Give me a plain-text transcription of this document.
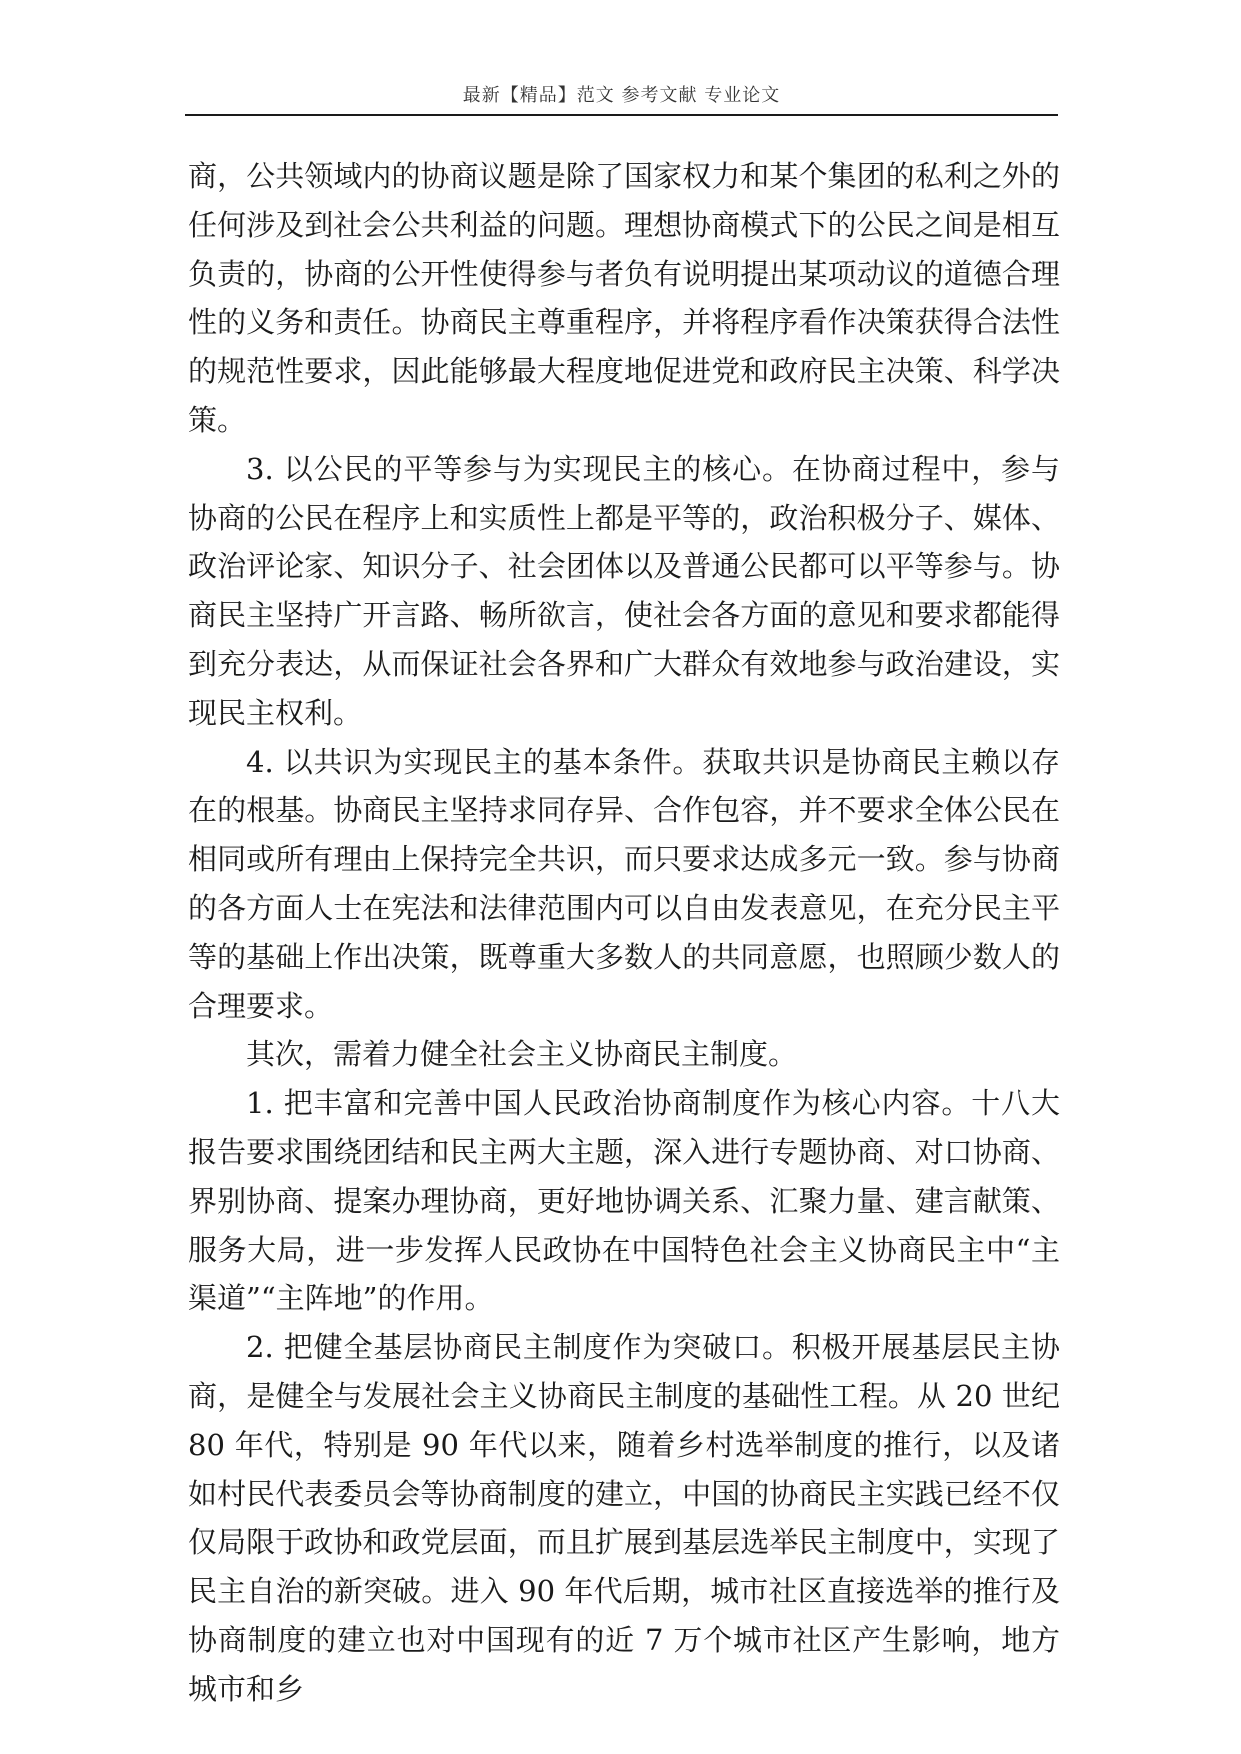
最新【精品】范文 参考文献 专业论文

商，公共领域内的协商议题是除了国家权力和某个集团的私利之外的任何涉及到社会公共利益的问题。理想协商模式下的公民之间是相互负责的，协商的公开性使得参与者负有说明提出某项动议的道德合理性的义务和责任。协商民主尊重程序，并将程序看作决策获得合法性的规范性要求，因此能够最大程度地促进党和政府民主决策、科学决策。

3. 以公民的平等参与为实现民主的核心。在协商过程中，参与协商的公民在程序上和实质性上都是平等的，政治积极分子、媒体、政治评论家、知识分子、社会团体以及普通公民都可以平等参与。协商民主坚持广开言路、畅所欲言，使社会各方面的意见和要求都能得到充分表达，从而保证社会各界和广大群众有效地参与政治建设，实现民主权利。

4. 以共识为实现民主的基本条件。获取共识是协商民主赖以存在的根基。协商民主坚持求同存异、合作包容，并不要求全体公民在相同或所有理由上保持完全共识，而只要求达成多元一致。参与协商的各方面人士在宪法和法律范围内可以自由发表意见，在充分民主平等的基础上作出决策，既尊重大多数人的共同意愿，也照顾少数人的合理要求。

其次，需着力健全社会主义协商民主制度。

1. 把丰富和完善中国人民政治协商制度作为核心内容。十八大报告要求围绕团结和民主两大主题，深入进行专题协商、对口协商、界别协商、提案办理协商，更好地协调关系、汇聚力量、建言献策、服务大局，进一步发挥人民政协在中国特色社会主义协商民主中“主渠道”“主阵地”的作用。

2. 把健全基层协商民主制度作为突破口。积极开展基层民主协商，是健全与发展社会主义协商民主制度的基础性工程。从 20 世纪 80 年代，特别是 90 年代以来，随着乡村选举制度的推行，以及诸如村民代表委员会等协商制度的建立，中国的协商民主实践已经不仅仅局限于政协和政党层面，而且扩展到基层选举民主制度中，实现了民主自治的新突破。进入 90 年代后期，城市社区直接选举的推行及协商制度的建立也对中国现有的近 7 万个城市社区产生影响，地方城市和乡
